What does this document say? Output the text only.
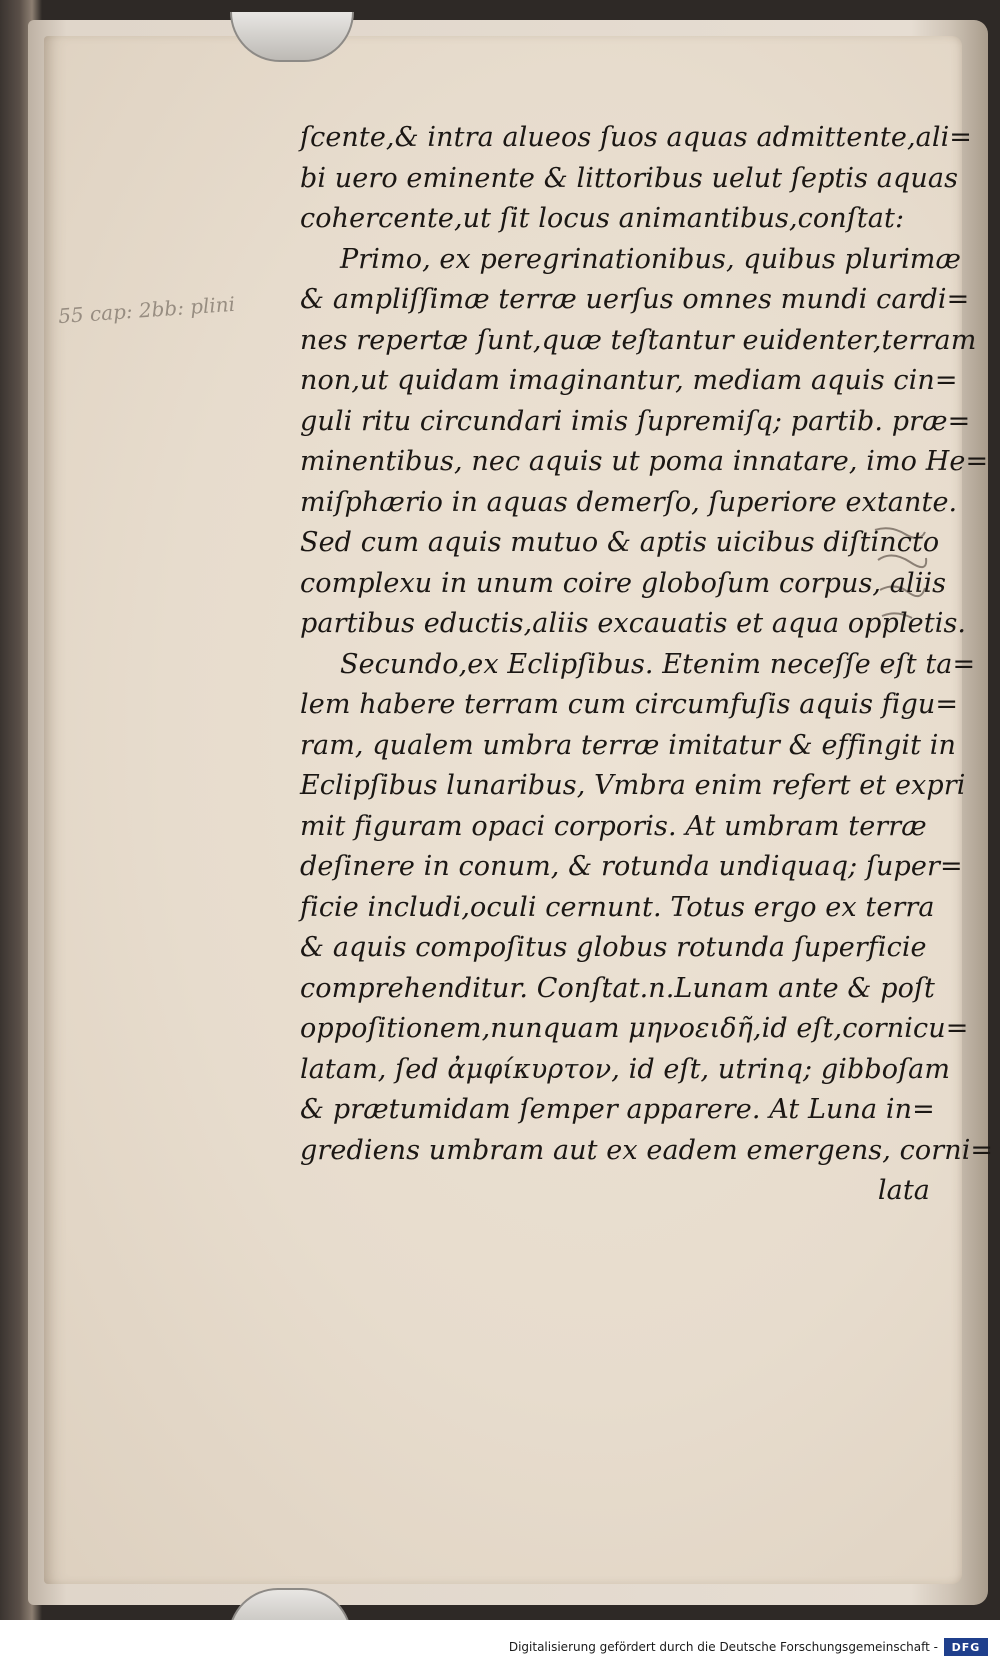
55 cap: 2bb: plini
ſcente,& intra alueos ſuos aquas admittente,ali=
bi uero eminente & littoribus uelut ſeptis aquas
cohercente,ut ſit locus animantibus,conſtat:
Primo, ex peregrinationibus, quibus plurimæ
& ampliſſimæ terræ uerſus omnes mundi cardi=
nes repertæ ſunt,quæ teſtantur euidenter,terram
non,ut quidam imaginantur, mediam aquis cin=
guli ritu circundari imis ſupremiſq; partib. præ=
minentibus, nec aquis ut poma innatare, imo He=
miſphærio in aquas demerſo, ſuperiore extante.
Sed cum aquis mutuo & aptis uicibus diſtincto
complexu in unum coire globoſum corpus, aliis
partibus eductis,aliis excauatis et aqua oppletis.
Secundo,ex Eclipſibus. Etenim neceſſe eſt ta=
lem habere terram cum circumfuſis aquis figu=
ram, qualem umbra terræ imitatur & effingit in
Eclipſibus lunaribus, Vmbra enim refert et expri
mit figuram opaci corporis. At umbram terræ
deſinere in conum, & rotunda undiquaq; ſuper=
ficie includi,oculi cernunt. Totus ergo ex terra
& aquis compoſitus globus rotunda ſuperficie
comprehenditur. Conſtat.n.Lunam ante & poſt
oppoſitionem,nunquam μηνοειδῆ,id eſt,cornicu=
latam, ſed ἀμφίκυρτον, id eſt, utrinq; gibboſam
& prætumidam ſemper apparere. At Luna in=
grediens umbram aut ex eadem emergens, corni=
lata
Digitalisierung gefördert durch die Deutsche Forschungsgemeinschaft -	DFG
